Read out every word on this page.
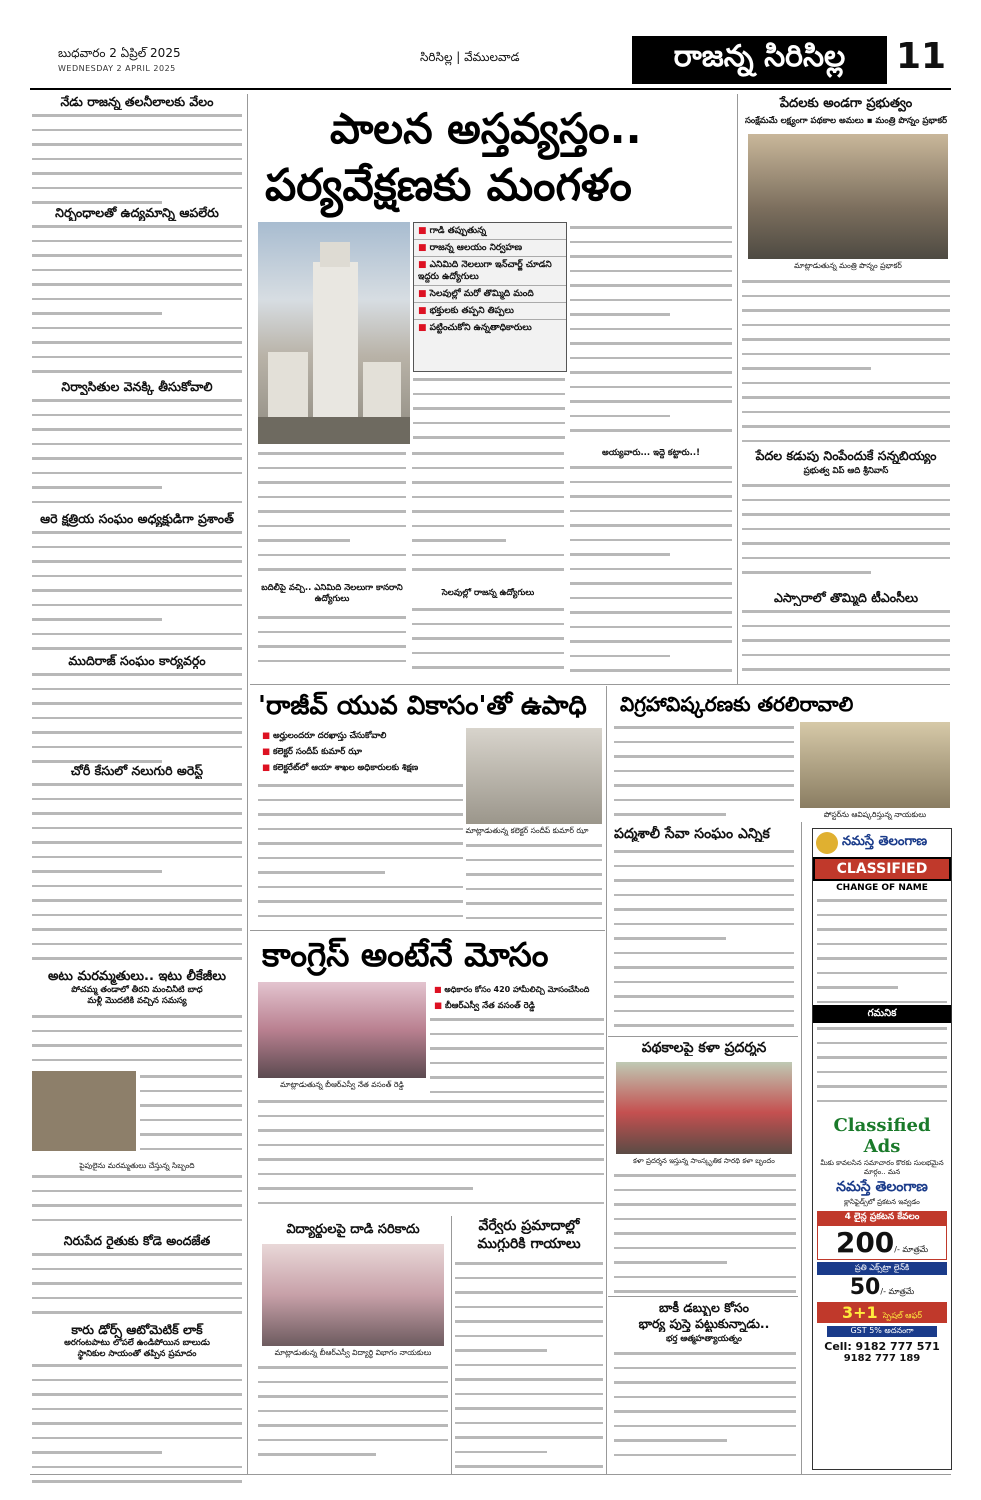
బుధవారం 2 ఏప్రిల్ 2025
WEDNESDAY 2 APRIL 2025
సిరిసిల్ల | వేములవాడ	రాజన్న సిరిసిల్ల	11
నేడు రాజన్న తలనీలాలకు వేలం
నిర్బంధాలతో ఉద్యమాన్ని ఆపలేరు
నిర్వాసితుల వెనక్కి తీసుకోవాలి
ఆరె క్షత్రియ సంఘం అధ్యక్షుడిగా ప్రశాంత్
ముదిరాజ్ సంఘం కార్యవర్గం
చోరీ కేసులో నలుగురి అరెస్ట్
అటు మరమ్మతులు.. ఇటు లీకేజీలు
పోచమ్మ తండాలో తీరని మంచినీటి బాధ
మళ్లీ మొదటికి వచ్చిన సమస్య
పైపులైను మరమ్మతులు చేస్తున్న సిబ్బంది
నిరుపేద రైతుకు కోడె అందజేత
కారు డోర్స్ ఆటోమెటిక్ లాక్
అరగంటపాటు లోపలే ఉండిపోయిన బాలుడు
స్థానికుల సాయంతో తప్పిన ప్రమాదం
పాలన అస్తవ్యస్తం..
పర్యవేక్షణకు మంగళం
■ గాడి తప్పుతున్న
■ రాజన్న ఆలయం నిర్వహణ
■ ఎనిమిది నెలలుగా ఇన్‌చార్జ్ చూడని ఇద్దరు ఉద్యోగులు
■ సెలవుల్లో మరో తొమ్మిది మంది
■ భక్తులకు తప్పని తిప్పలు
■ పట్టించుకోని ఉన్నతాధికారులు
బదిలీపై వచ్చి.. ఎనిమిది నెలలుగా కానరాని ఉద్యోగులు
సెలవుల్లో రాజన్న ఉద్యోగులు
అయ్యవారు... ఇద్దె కట్టారు..!
పేదలకు అండగా ప్రభుత్వం
సంక్షేమమే లక్ష్యంగా పథకాల అమలు ▪ మంత్రి పొన్నం ప్రభాకర్
మాట్లాడుతున్న మంత్రి పొన్నం ప్రభాకర్
పేదల కడుపు నింపేందుకే సన్నబియ్యం
ప్రభుత్వ విప్ ఆది శ్రీనివాస్
ఎస్సారాలో తొమ్మిది టీఎంసీలు
'రాజీవ్ యువ వికాసం'తో ఉపాధి
■ అర్హులందరూ దరఖాస్తు చేసుకోవాలి
■ కలెక్టర్ సందీప్ కుమార్ ఝా
■ కలెక్టరేట్‌లో ఆయా శాఖల అధికారులకు శిక్షణ
మాట్లాడుతున్న కలెక్టర్ సందీప్ కుమార్ ఝా
విగ్రహావిష్కరణకు తరలిరావాలి
పోస్టర్‌ను ఆవిష్కరిస్తున్న నాయకులు
పద్మశాలీ సేవా సంఘం ఎన్నిక
కాంగ్రెస్ అంటేనే మోసం
■ అధికారం కోసం 420 హామీలిచ్చి మోసంచేసింది
■ బీఆర్ఎస్వీ నేత వసంత్ రెడ్డి
మాట్లాడుతున్న బీఆర్ఎస్వీ నేత వసంత్ రెడ్డి
విద్యార్థులపై దాడి సరికాదు
మాట్లాడుతున్న బీఆర్ఎస్వీ విద్యార్థి విభాగం నాయకులు
వేర్వేరు ప్రమాదాల్లో
ముగ్గురికి గాయాలు
పథకాలపై కళా ప్రదర్శన
కళా ప్రదర్శన ఇస్తున్న సాంస్కృతిక సారథి కళా బృందం
బాకీ డబ్బుల కోసం
భార్య పుస్తె పట్టుకున్నాడు..
భర్త ఆత్మహత్యాయత్నం
నమస్తే తెలంగాణ
CLASSIFIED
CHANGE OF NAME
గమనిక
Classified
Ads
మీకు కావలసిన సమాచారం కొరకు సులభమైన మార్గం.. మన
నమస్తే తెలంగాణ
క్లాసిఫైడ్స్‌లో ప్రకటన ఇవ్వడం
4 లైన్ల ప్రకటన కేవలం
200/- మాత్రమే
ప్రతి ఎక్స్‌ట్రా లైన్‌కి
50/- మాత్రమే
3+1 స్పెషల్ ఆఫర్
GST 5% అదనంగా
Cell: 9182 777 571
9182 777 189
